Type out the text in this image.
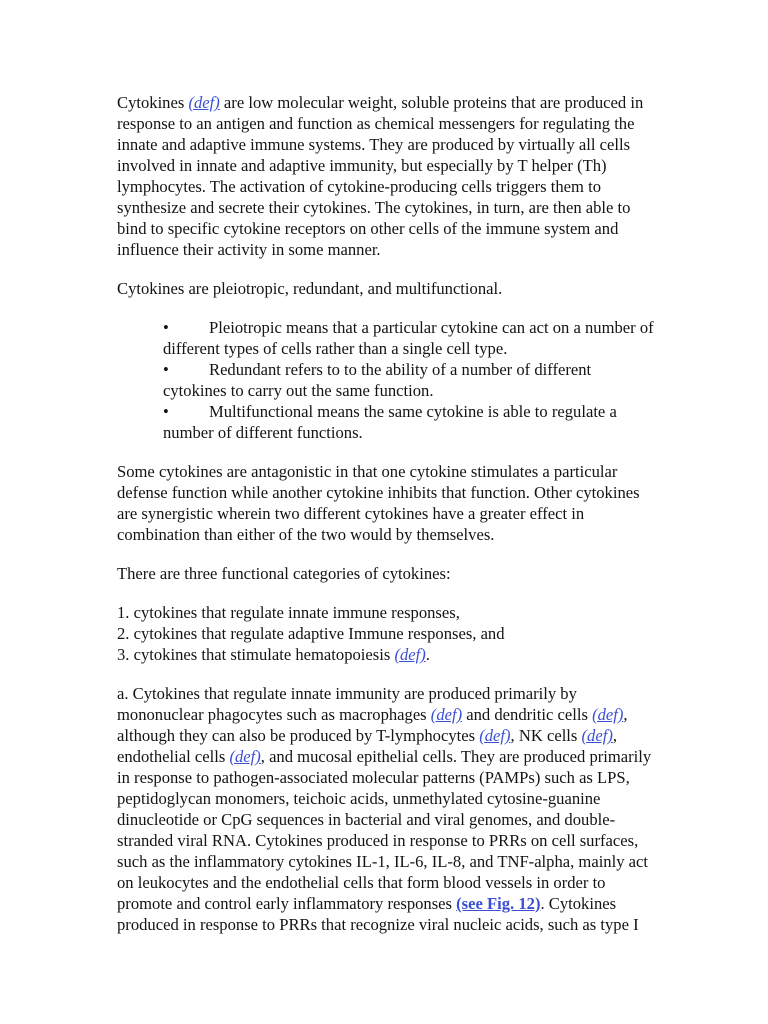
Cytokines (def) are low molecular weight, soluble proteins that are produced in response to an antigen and function as chemical messengers for regulating the innate and adaptive immune systems. They are produced by virtually all cells involved in innate and adaptive immunity, but especially by T helper (Th) lymphocytes. The activation of cytokine-producing cells triggers them to synthesize and secrete their cytokines. The cytokines, in turn, are then able to bind to specific cytokine receptors on other cells of the immune system and influence their activity in some manner.

Cytokines are pleiotropic, redundant, and multifunctional.

• Pleiotropic means that a particular cytokine can act on a number of different types of cells rather than a single cell type.
• Redundant refers to to the ability of a number of different cytokines to carry out the same function.
• Multifunctional means the same cytokine is able to regulate a number of different functions.

Some cytokines are antagonistic in that one cytokine stimulates a particular defense function while another cytokine inhibits that function. Other cytokines are synergistic wherein two different cytokines have a greater effect in combination than either of the two would by themselves.

There are three functional categories of cytokines:

1. cytokines that regulate innate immune responses,
2. cytokines that regulate adaptive Immune responses, and
3. cytokines that stimulate hematopoiesis (def).

a. Cytokines that regulate innate immunity are produced primarily by mononuclear phagocytes such as macrophages (def) and dendritic cells (def), although they can also be produced by T-lymphocytes (def), NK cells (def), endothelial cells (def), and mucosal epithelial cells. They are produced primarily in response to pathogen-associated molecular patterns (PAMPs) such as LPS, peptidoglycan monomers, teichoic acids, unmethylated cytosine-guanine dinucleotide or CpG sequences in bacterial and viral genomes, and double-stranded viral RNA. Cytokines produced in response to PRRs on cell surfaces, such as the inflammatory cytokines IL-1, IL-6, IL-8, and TNF-alpha, mainly act on leukocytes and the endothelial cells that form blood vessels in order to promote and control early inflammatory responses (see Fig. 12). Cytokines produced in response to PRRs that recognize viral nucleic acids, such as type I
